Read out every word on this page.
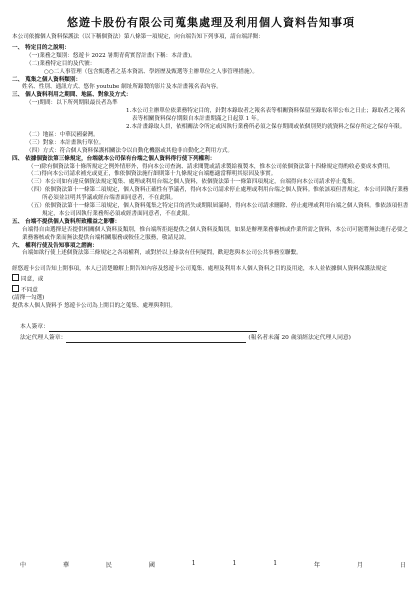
悠遊卡股份有限公司蒐集處理及利用個人資料告知事項
本公司依據個人資料保護法（以下稱個資法）第八條第一項規定，向台端告知下列事項，請台端詳閱：
一、 特定目的之說明：
（一)業務之類別：悠遊卡 2022 暑期青荷實習計畫(下稱：本計畫)。
（二)業務特定目的及代號：
○○二人事管理（包含甄選者之基本資訊、學經歷及甄選等主辦單位之人事管理措施）。
二、 蒐集之個人資料類別：
姓名、性別、通訊方式、悠你 youtube 網址所錄製的影片及本計畫報名表內容。
三、 個人資料利用之期間、地區、對象及方式：
（一)期間：以下所列期限最長者為準
1.本公司主辦單位依業務特定目的，針對本錄取者之報名表等相關資料保留至錄取名單公布之日止；錄取者之報名表等相關資料保存期限自本計畫期滿之日起算 1 年。
2.本計畫錄取人員，依相關法令所定或因執行業務所必須之保存期間或依個別契約就資料之保存所定之保存年限。
（二）地區：中華民國臺灣。
（三）對象：本計畫執行單位。
（四）方式：符合個人資料保護相關法令以自動化機器或其他非自動化之利用方式。
四、 依據個資法第三條規定，台端就本公司保有台端之個人資料得行使下列權利：
（一)除有個資法第十條所規定之例外情形外，得向本公司查詢、請求閱覽或請求製給複製本，惟本公司依個資法第十四條規定得酌收必要成本費用。
（二)得向本公司請求補充或更正，惟依個資法施行細則第十九條規定台端應適當釋明其原因及事實。
（三）本公司如有違反個資法規定蒐集、處理或利用台端之個人資料，依個資法第十一條第四項規定，台端得向本公司請求停止蒐集。
（四）依個資法第十一條第二項規定，個人資料正確性有爭議者，得向本公司請求停止處理或利用台端之個人資料。惟依該項但書規定，本公司因執行業務所必須並註明其爭議或經台端書面同意者，不在此限。
（五）依個資法第十一條第三項規定，個人資料蒐集之特定目的消失或期限屆滿時，得向本公司請求刪除、停止處理或利用台端之個人資料。惟依該項但書規定，本公司因執行業務所必須或經書面同意者，不在此限。
五、 台端不提供個人資料所致權益之影響：
台端得自由選擇是否提供相關個人資料及類別，惟台端所拒絕提供之個人資料及類別，如果是辦理業務審核或作業所需之資料，本公司可能將無法進行必要之業務審核或作業而無法提供台端相關服務或較佳之服務，敬請見諒。
六、 權利行使及告知事項之諮詢：
台端如欲行使上述個資法第三條規定之各項權利，或對於以上條款有任何疑問，歡迎您與本公司公共事務室聯繫。
經悠遊卡公司告知上開事項，本人已清楚瞭解上開告知內容及悠遊卡公司蒐集、處理及利用本人個人資料之目的及用途，本人並依據個人資料保護法規定
同意，或
不同意
(請擇一勾選)
提供本人個人資料予 悠遊卡公司為上開目的之蒐集、處理與利用。
本人簽章：
法定代理人簽章：	(報名者未滿 20 歲須經法定代理人同意)
中	華	民	國	1	1	1	年	月	日
